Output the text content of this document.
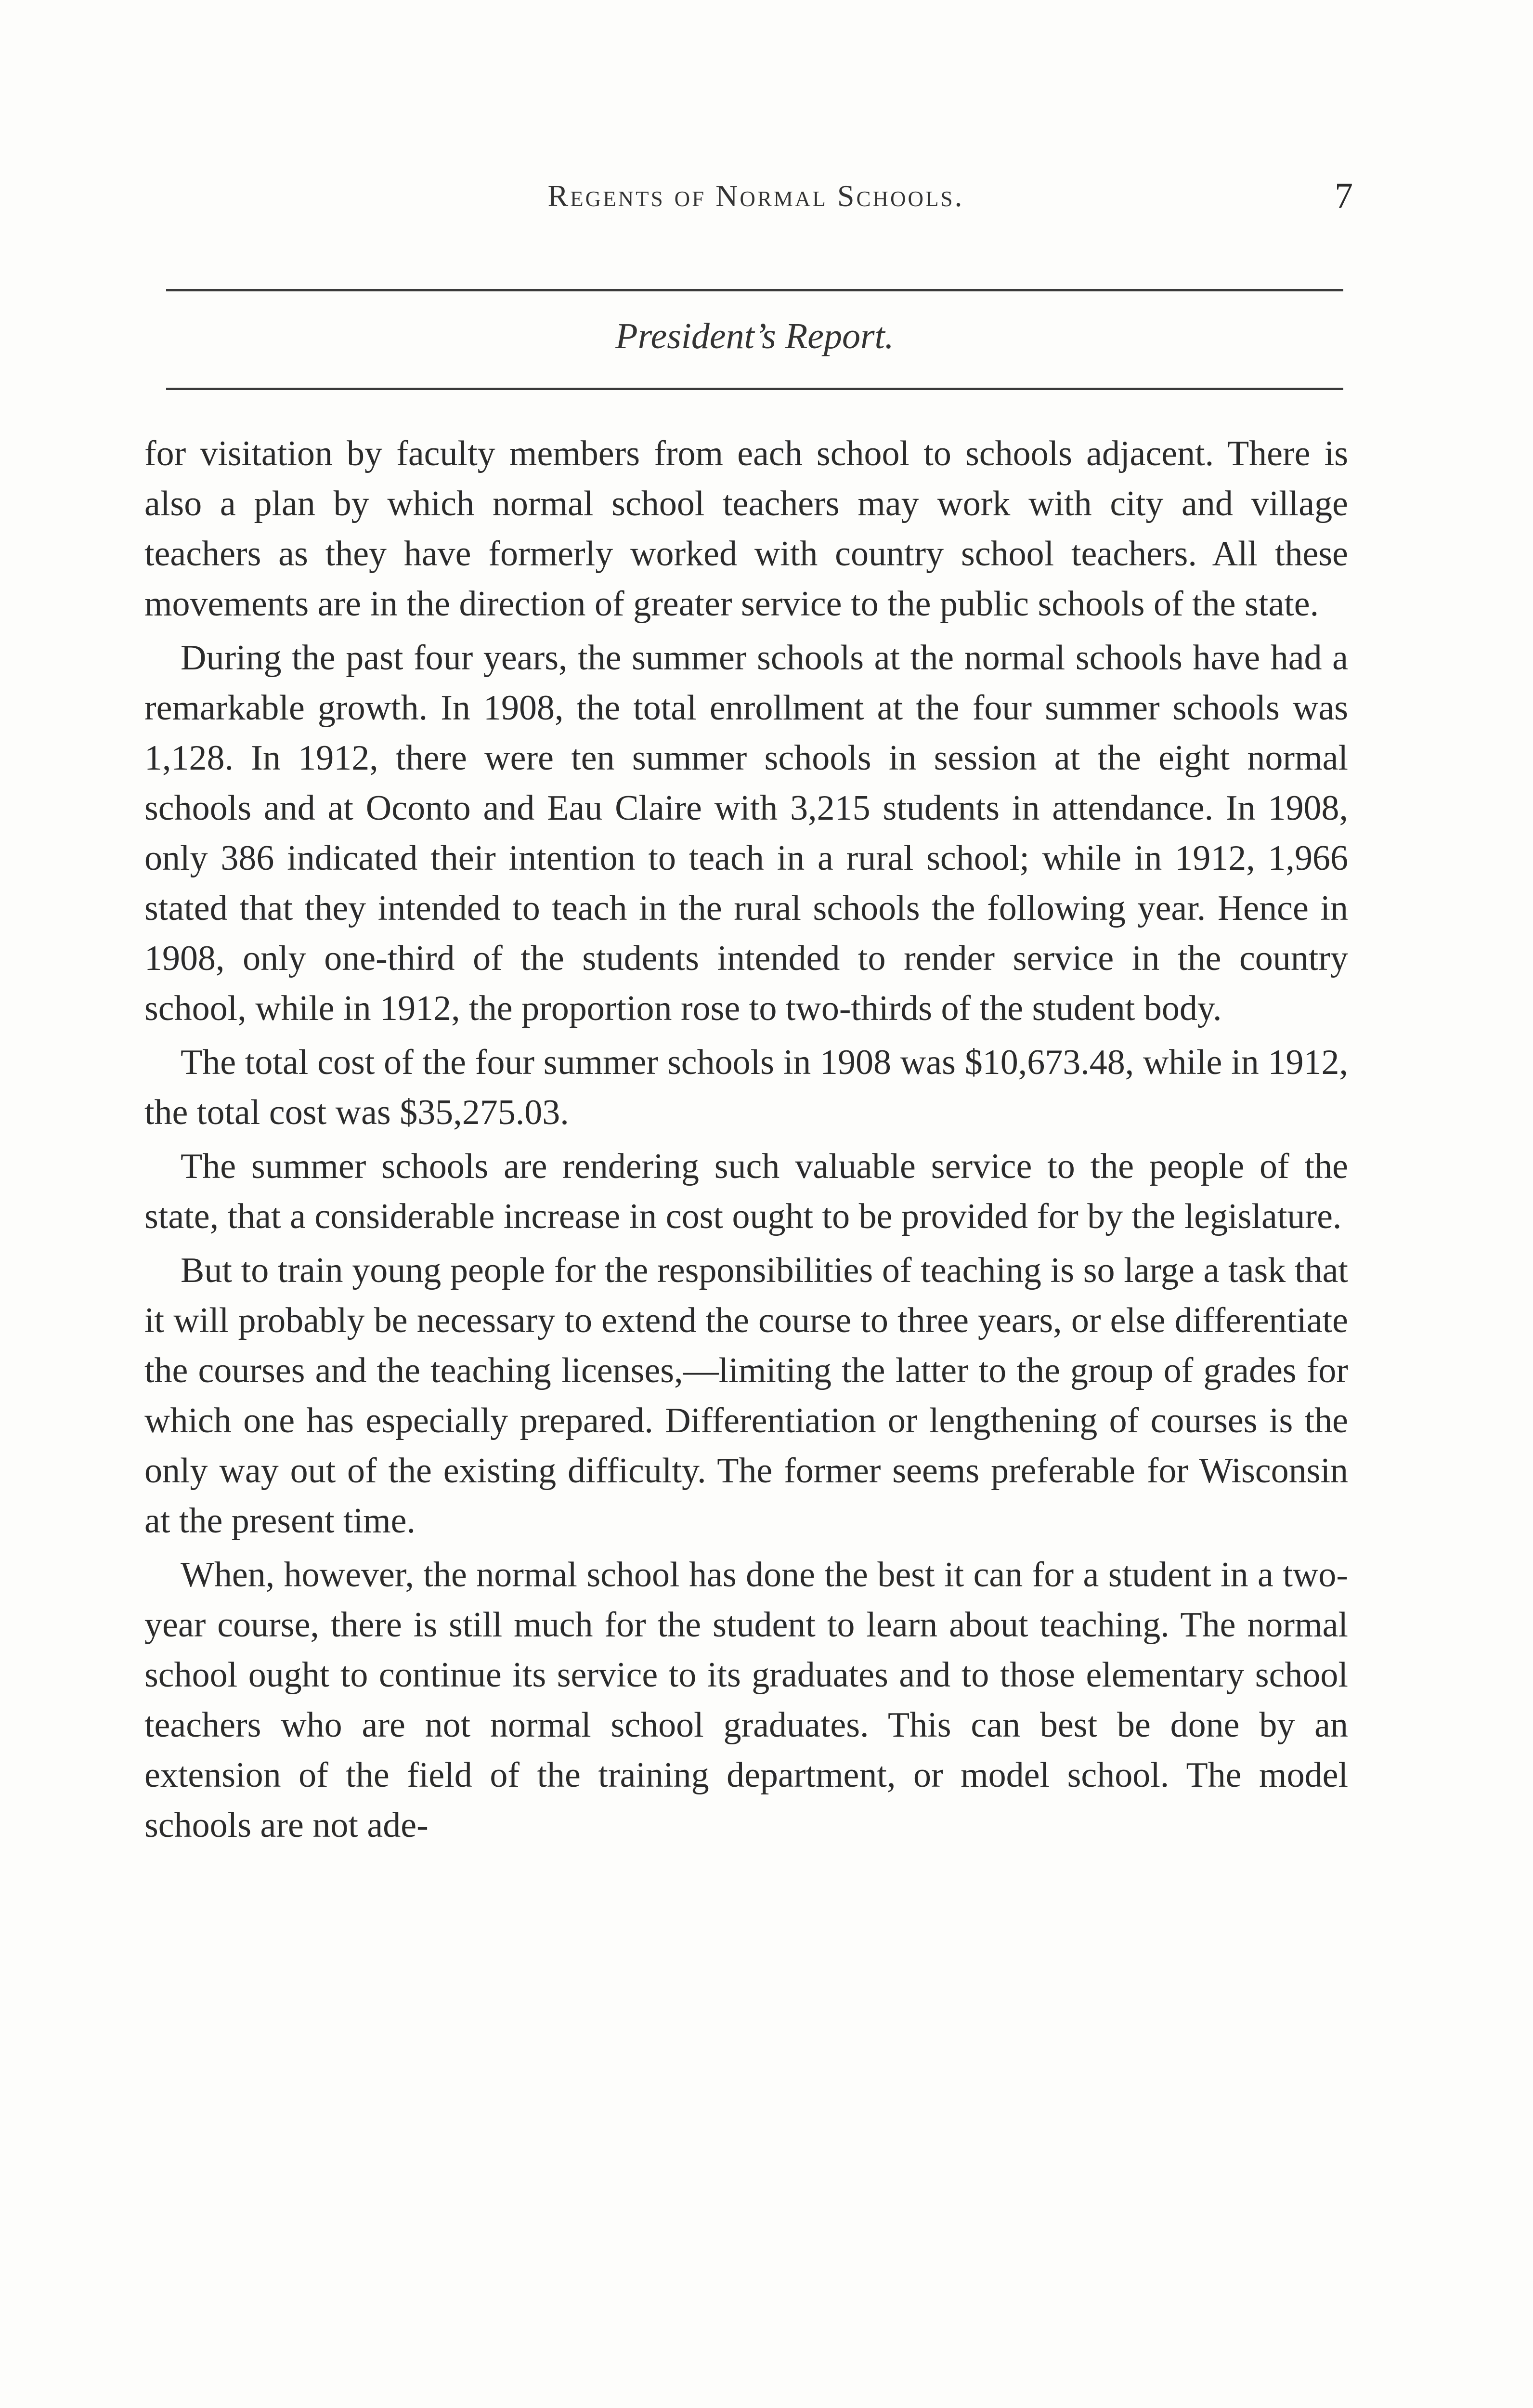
Regents of Normal Schools.	7
President’s Report.

for visitation by faculty members from each school to schools adjacent. There is also a plan by which normal school teachers may work with city and village teachers as they have formerly worked with country school teachers. All these movements are in the direction of greater service to the public schools of the state.

During the past four years, the summer schools at the normal schools have had a remarkable growth. In 1908, the total enrollment at the four summer schools was 1,128. In 1912, there were ten summer schools in session at the eight normal schools and at Oconto and Eau Claire with 3,215 students in attendance. In 1908, only 386 indicated their intention to teach in a rural school; while in 1912, 1,966 stated that they intended to teach in the rural schools the following year. Hence in 1908, only one-third of the students intended to render service in the country school, while in 1912, the proportion rose to two-thirds of the student body.

The total cost of the four summer schools in 1908 was $10,673.48, while in 1912, the total cost was $35,275.03.

The summer schools are rendering such valuable service to the people of the state, that a considerable increase in cost ought to be provided for by the legislature.

But to train young people for the responsibilities of teaching is so large a task that it will probably be necessary to extend the course to three years, or else differentiate the courses and the teaching licenses,—limiting the latter to the group of grades for which one has especially prepared. Differentiation or lengthening of courses is the only way out of the existing difficulty. The former seems preferable for Wisconsin at the present time.

When, however, the normal school has done the best it can for a student in a two-year course, there is still much for the student to learn about teaching. The normal school ought to continue its service to its graduates and to those elementary school teachers who are not normal school graduates. This can best be done by an extension of the field of the training department, or model school. The model schools are not ade-
